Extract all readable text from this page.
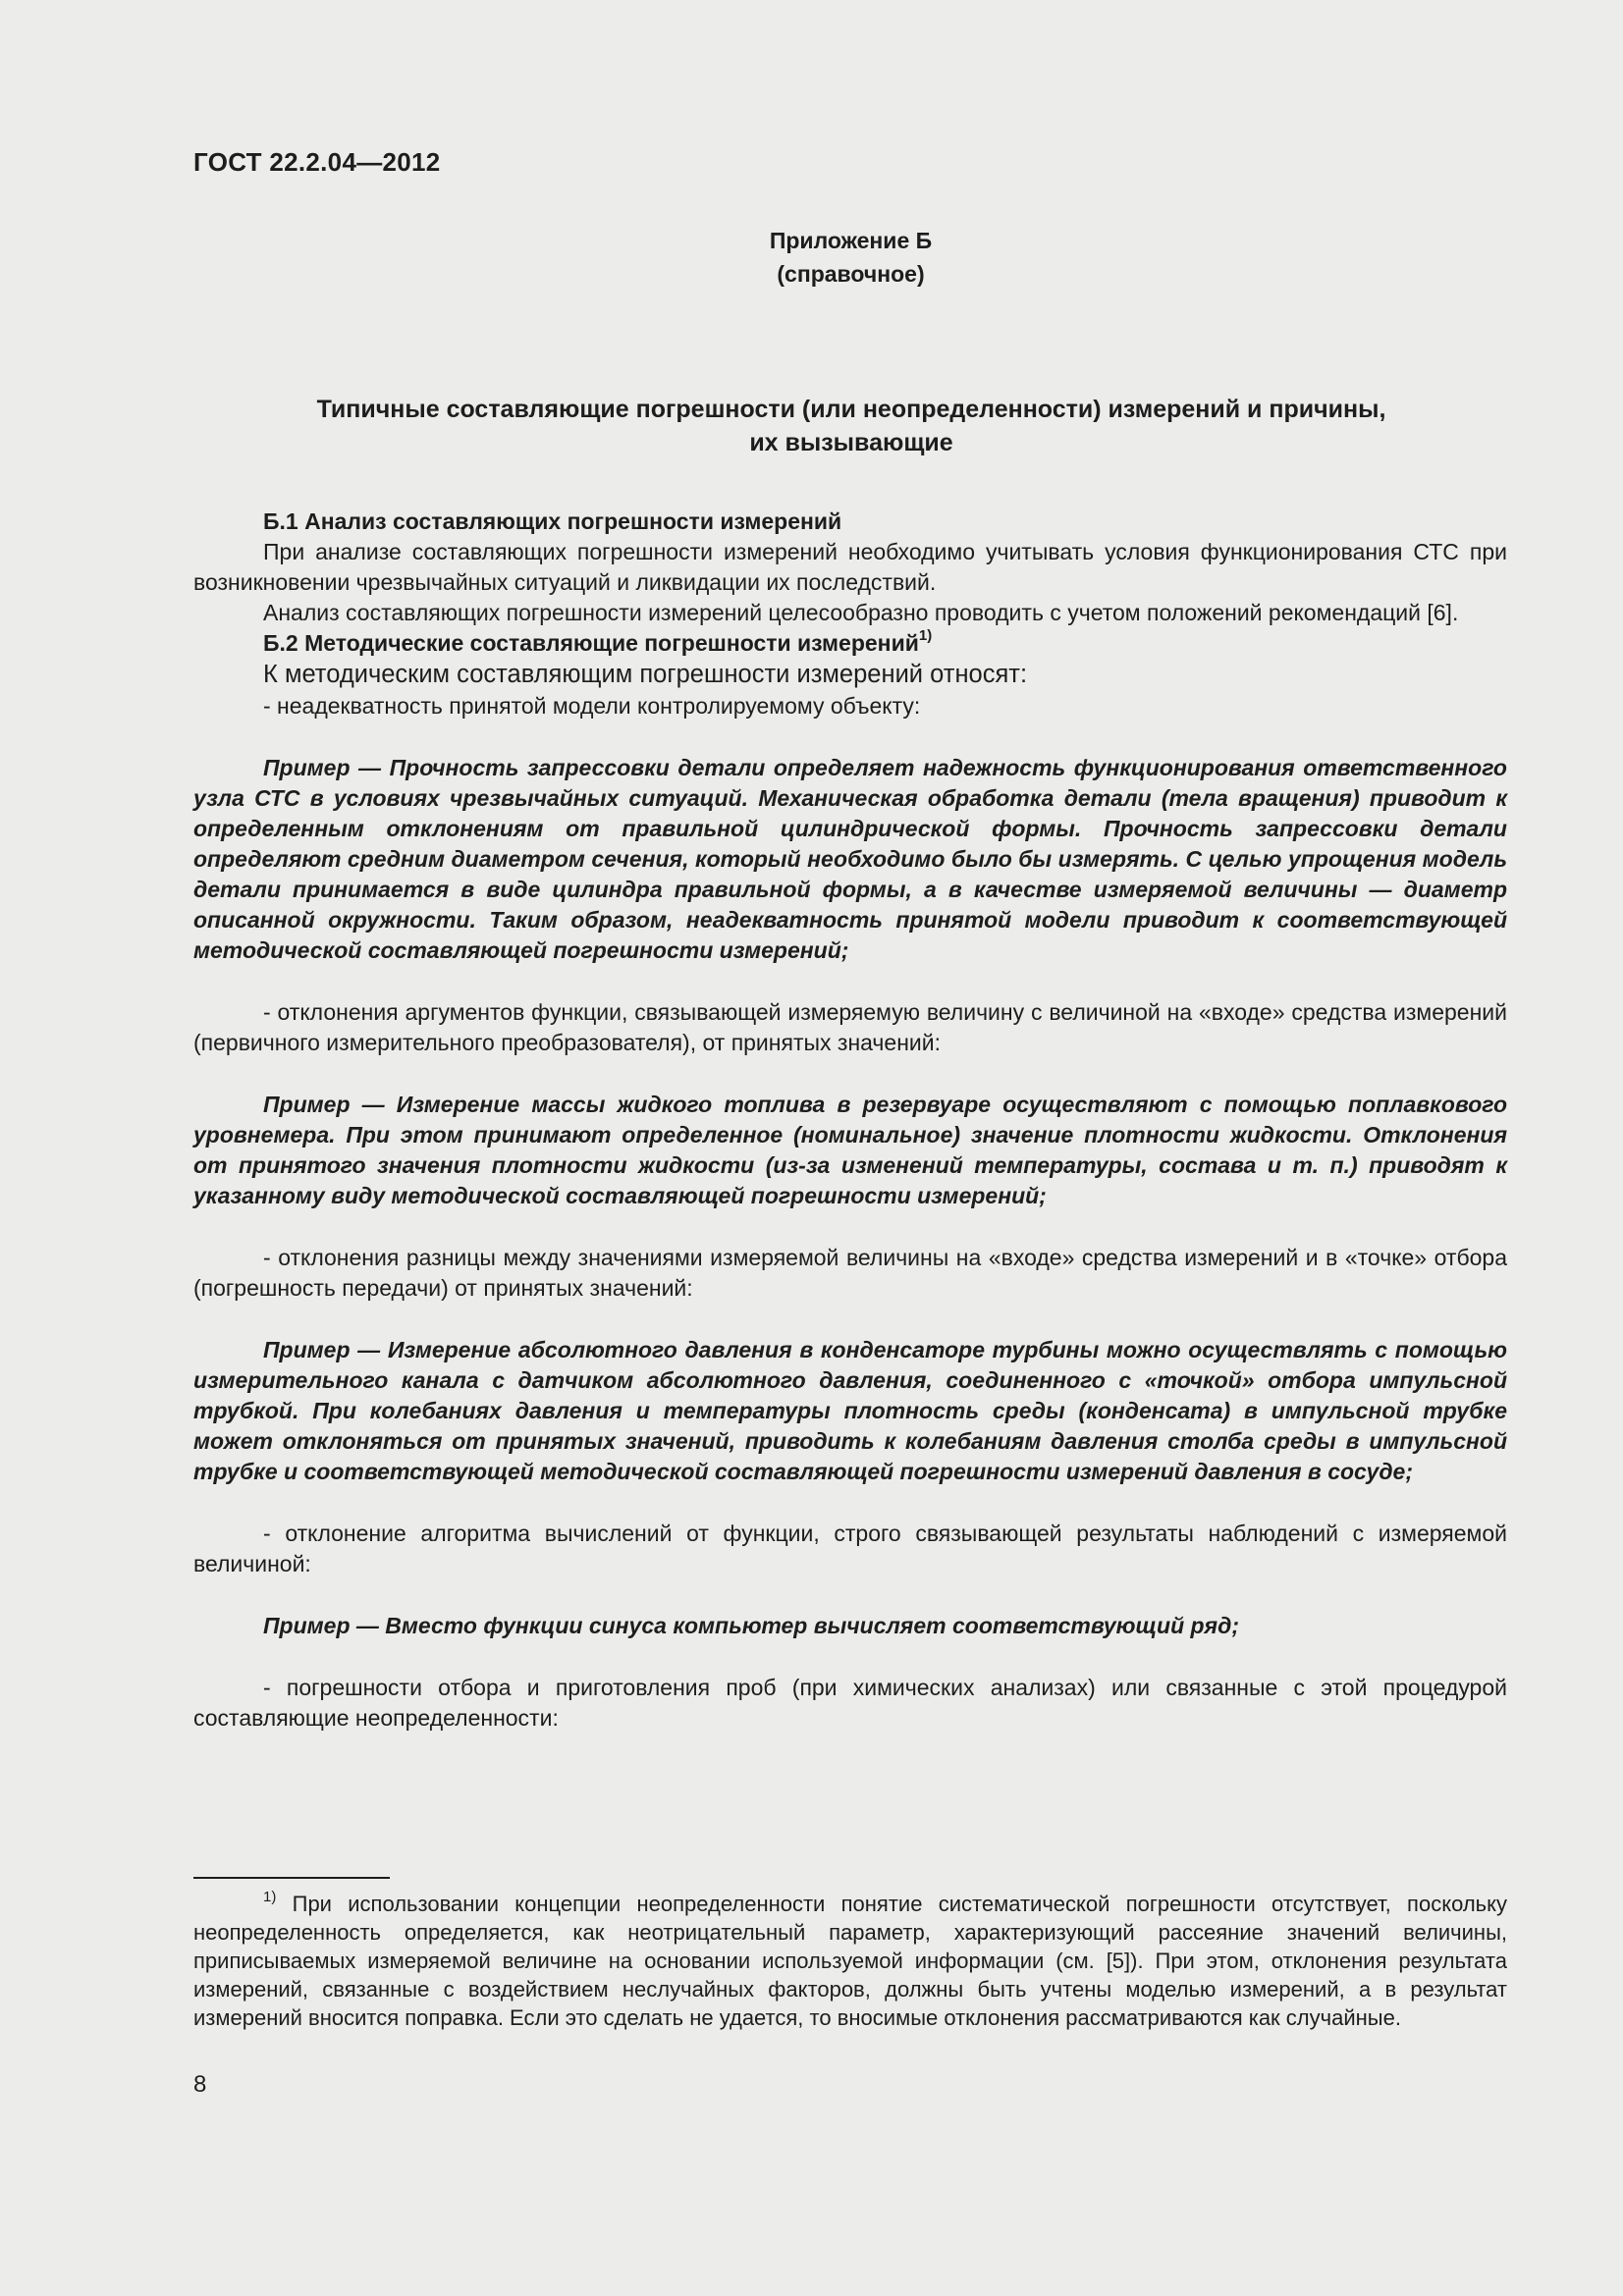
ГОСТ 22.2.04—2012
Приложение Б
(справочное)
Типичные составляющие погрешности (или неопределенности) измерений и причины,
их вызывающие

Б.1 Анализ составляющих погрешности измерений

При анализе составляющих погрешности измерений необходимо учитывать условия функционирования СТС при возникновении чрезвычайных ситуаций и ликвидации их последствий.

Анализ составляющих погрешности измерений целесообразно проводить с учетом положений рекомендаций [6].

Б.2 Методические составляющие погрешности измерений$^{1)}$

К методическим составляющим погрешности измерений относят:

- неадекватность принятой модели контролируемому объекту:

Пример — Прочность запрессовки детали определяет надежность функционирования ответственного узла СТС в условиях чрезвычайных ситуаций. Механическая обработка детали (тела вращения) приводит к определенным отклонениям от правильной цилиндрической формы. Прочность запрессовки детали определяют средним диаметром сечения, который необходимо было бы измерять. С целью упрощения модель детали принимается в виде цилиндра правильной формы, а в качестве измеряемой величины — диаметр описанной окружности. Таким образом, неадекватность принятой модели приводит к соответствующей методической составляющей погрешности измерений;

- отклонения аргументов функции, связывающей измеряемую величину с величиной на «входе» средства измерений (первичного измерительного преобразователя), от принятых значений:

Пример — Измерение массы жидкого топлива в резервуаре осуществляют с помощью поплавкового уровнемера. При этом принимают определенное (номинальное) значение плотности жидкости. Отклонения от принятого значения плотности жидкости (из-за изменений температуры, состава и т. п.) приводят к указанному виду методической составляющей погрешности измерений;

- отклонения разницы между значениями измеряемой величины на «входе» средства измерений и в «точке» отбора (погрешность передачи) от принятых значений:

Пример — Измерение абсолютного давления в конденсаторе турбины можно осуществлять с помощью измерительного канала с датчиком абсолютного давления, соединенного с «точкой» отбора импульсной трубкой. При колебаниях давления и температуры плотность среды (конденсата) в импульсной трубке может отклоняться от принятых значений, приводить к колебаниям давления столба среды в импульсной трубке и соответствующей методической составляющей погрешности измерений давления в сосуде;

- отклонение алгоритма вычислений от функции, строго связывающей результаты наблюдений с измеряемой величиной:

Пример — Вместо функции синуса компьютер вычисляет соответствующий ряд;

- погрешности отбора и приготовления проб (при химических анализах) или связанные с этой процедурой составляющие неопределенности:

$^{1)}$ При использовании концепции неопределенности понятие систематической погрешности отсутствует, поскольку неопределенность определяется, как неотрицательный параметр, характеризующий рассеяние значений величины, приписываемых измеряемой величине на основании используемой информации (см. [5]). При этом, отклонения результата измерений, связанные с воздействием неслучайных факторов, должны быть учтены моделью измерений, а в результат измерений вносится поправка. Если это сделать не удается, то вносимые отклонения рассматриваются как случайные.

8
